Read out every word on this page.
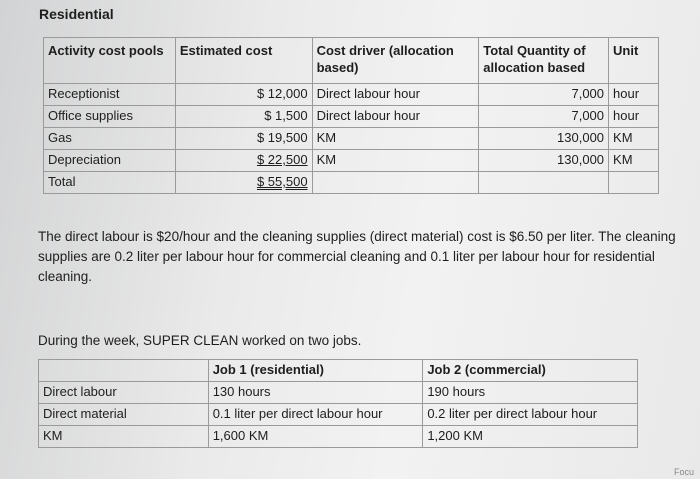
Residential
Activity cost pools	Estimated cost	Cost driver (allocation based)	Total Quantity of allocation based	Unit
Receptionist	$ 12,000	Direct labour hour	7,000	hour
Office supplies	$ 1,500	Direct labour hour	7,000	hour
Gas	$ 19,500	KM	130,000	KM
Depreciation	$ 22,500	KM	130,000	KM
Total	$ 55,500			
The direct labour is $20/hour and the cleaning supplies (direct material) cost is $6.50 per liter. The cleaning supplies are 0.2 liter per labour hour for commercial cleaning and 0.1 liter per labour hour for residential cleaning.
During the week, SUPER CLEAN worked on two jobs.
	Job 1 (residential)	Job 2 (commercial)
Direct labour	130 hours	190 hours
Direct material	0.1 liter per direct labour hour	0.2 liter per direct labour hour
KM	1,600 KM	1,200 KM
Focu
